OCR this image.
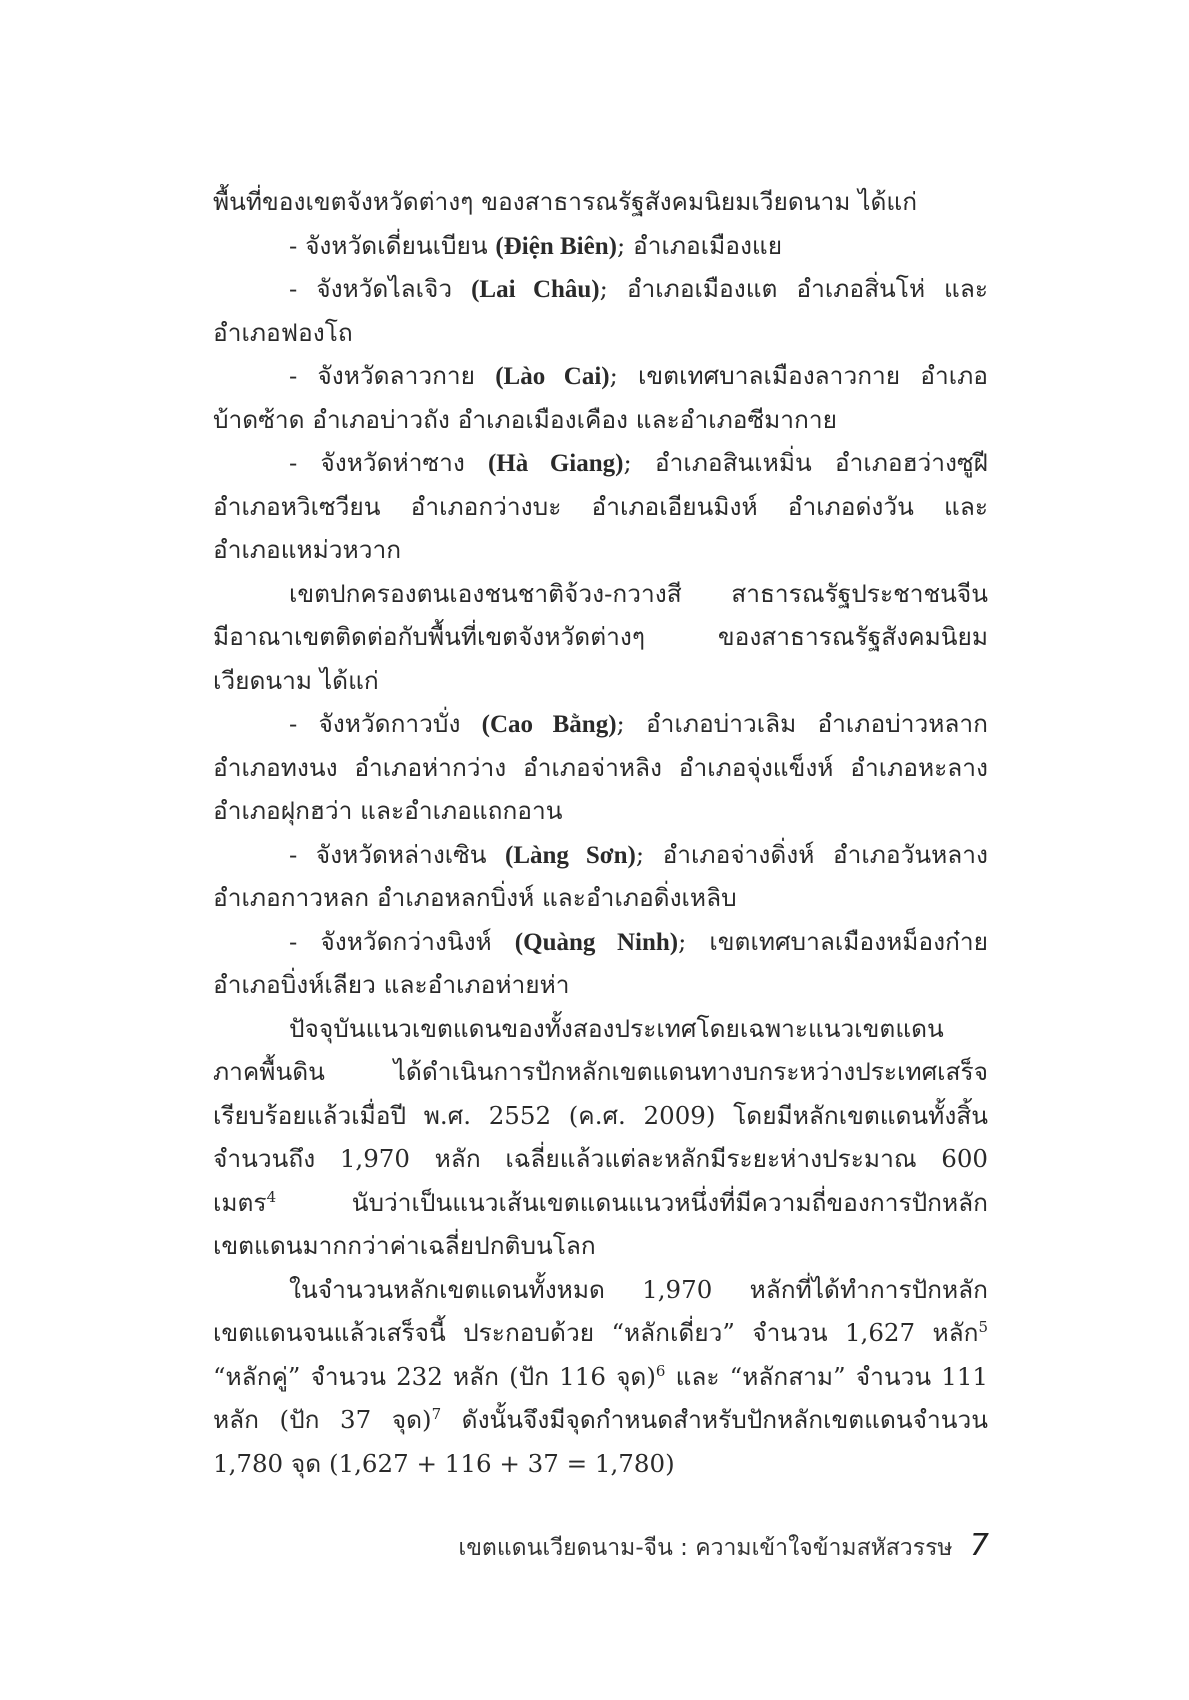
พื้นที่ของเขตจังหวัดต่างๆ ของสาธารณรัฐสังคมนิยมเวียดนาม ได้แก่
- จังหวัดเดี่ยนเบียน (Điện Biên); อำเภอเมืองแย
- จังหวัดไลเจิว (Lai Châu); อำเภอเมืองแต อำเภอสิ่นโห่ และ
อำเภอฟองโถ
- จังหวัดลาวกาย (Lào Cai); เขตเทศบาลเมืองลาวกาย อำเภอ
บ้าดซ้าด อำเภอบ่าวถัง อำเภอเมืองเคือง และอำเภอซีมากาย
- จังหวัดห่าซาง (Hà Giang); อำเภอสินเหมิ่น อำเภอฮว่างซูฝี
อำเภอหวิเซวียน อำเภอกว่างบะ อำเภอเอียนมิงห์ อำเภอด่งวัน และ
อำเภอแหม่วหวาก
เขตปกครองตนเองชนชาติจ้วง-กวางสี สาธารณรัฐประชาชนจีน
มีอาณาเขตติดต่อกับพื้นที่เขตจังหวัดต่างๆ ของสาธารณรัฐสังคมนิยม
เวียดนาม ได้แก่
- จังหวัดกาวบั่ง (Cao Bằng); อำเภอบ่าวเลิม อำเภอบ่าวหลาก
อำเภอทงนง อำเภอห่ากว่าง อำเภอจ่าหลิง อำเภอจุ่งแข็งห์ อำเภอหะลาง
อำเภอฝุกฮว่า และอำเภอแถกอาน
- จังหวัดหล่างเซิน (Làng Sơn); อำเภอจ่างดิ่งห์ อำเภอวันหลาง
อำเภอกาวหลก อำเภอหลกบิ่งห์ และอำเภอดิ่งเหลิบ
- จังหวัดกว่างนิงห์ (Quàng Ninh); เขตเทศบาลเมืองหม็องก๋าย
อำเภอบิ่งห์เลียว และอำเภอห่ายห่า
ปัจจุบันแนวเขตแดนของทั้งสองประเทศโดยเฉพาะแนวเขตแดน
ภาคพื้นดิน ได้ดำเนินการปักหลักเขตแดนทางบกระหว่างประเทศเสร็จ
เรียบร้อยแล้วเมื่อปี พ.ศ. 2552 (ค.ศ. 2009) โดยมีหลักเขตแดนทั้งสิ้น
จำนวนถึง 1,970 หลัก เฉลี่ยแล้วแต่ละหลักมีระยะห่างประมาณ 600
เมตร$^4$ นับว่าเป็นแนวเส้นเขตแดนแนวหนึ่งที่มีความถี่ของการปักหลัก
เขตแดนมากกว่าค่าเฉลี่ยปกติบนโลก
ในจำนวนหลักเขตแดนทั้งหมด 1,970 หลักที่ได้ทำการปักหลัก
เขตแดนจนแล้วเสร็จนี้ ประกอบด้วย “หลักเดี่ยว” จำนวน 1,627 หลัก$^5$
“หลักคู่” จำนวน 232 หลัก (ปัก 116 จุด)$^6$ และ “หลักสาม” จำนวน 111
หลัก (ปัก 37 จุด)$^7$ ดังนั้นจึงมีจุดกำหนดสำหรับปักหลักเขตแดนจำนวน
1,780 จุด (1,627 + 116 + 37 = 1,780)
เขตแดนเวียดนาม-จีน : ความเข้าใจข้ามสหัสวรรษ 7
